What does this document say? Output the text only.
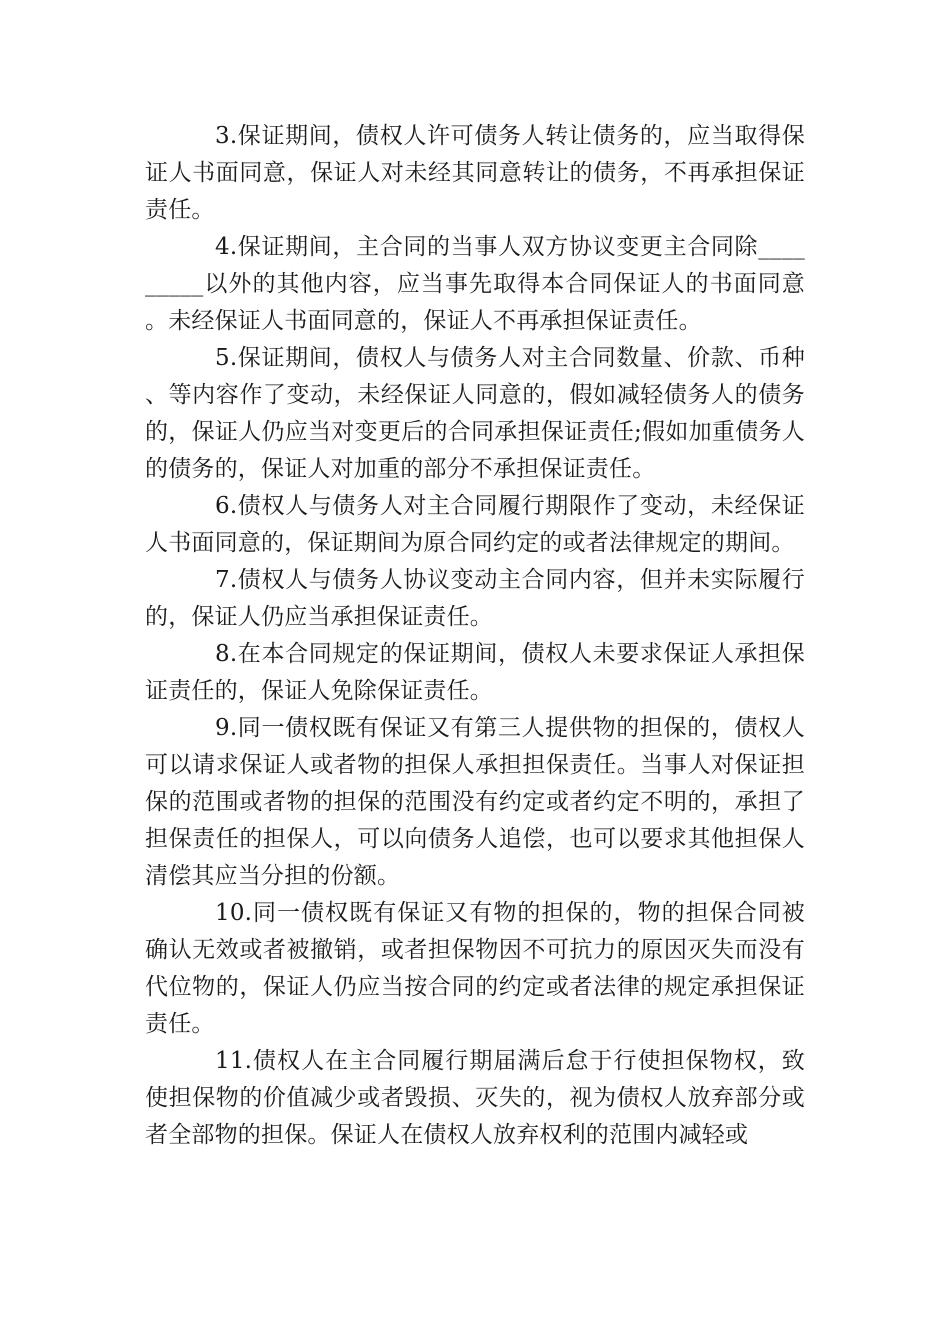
3.保证期间，债权人许可债务人转让债务的，应当取得保证人书面同意，保证人对未经其同意转让的债务，不再承担保证责任。

4.保证期间，主合同的当事人双方协议变更主合同除_________以外的其他内容，应当事先取得本合同保证人的书面同意。未经保证人书面同意的，保证人不再承担保证责任。

5.保证期间，债权人与债务人对主合同数量、价款、币种、等内容作了变动，未经保证人同意的，假如减轻债务人的债务的，保证人仍应当对变更后的合同承担保证责任;假如加重债务人的债务的，保证人对加重的部分不承担保证责任。

6.债权人与债务人对主合同履行期限作了变动，未经保证人书面同意的，保证期间为原合同约定的或者法律规定的期间。

7.债权人与债务人协议变动主合同内容，但并未实际履行的，保证人仍应当承担保证责任。

8.在本合同规定的保证期间，债权人未要求保证人承担保证责任的，保证人免除保证责任。

9.同一债权既有保证又有第三人提供物的担保的，债权人可以请求保证人或者物的担保人承担担保责任。当事人对保证担保的范围或者物的担保的范围没有约定或者约定不明的，承担了担保责任的担保人，可以向债务人追偿，也可以要求其他担保人清偿其应当分担的份额。

10.同一债权既有保证又有物的担保的，物的担保合同被确认无效或者被撤销，或者担保物因不可抗力的原因灭失而没有代位物的，保证人仍应当按合同的约定或者法律的规定承担保证责任。

11.债权人在主合同履行期届满后怠于行使担保物权，致使担保物的价值减少或者毁损、灭失的，视为债权人放弃部分或者全部物的担保。保证人在债权人放弃权利的范围内减轻或
